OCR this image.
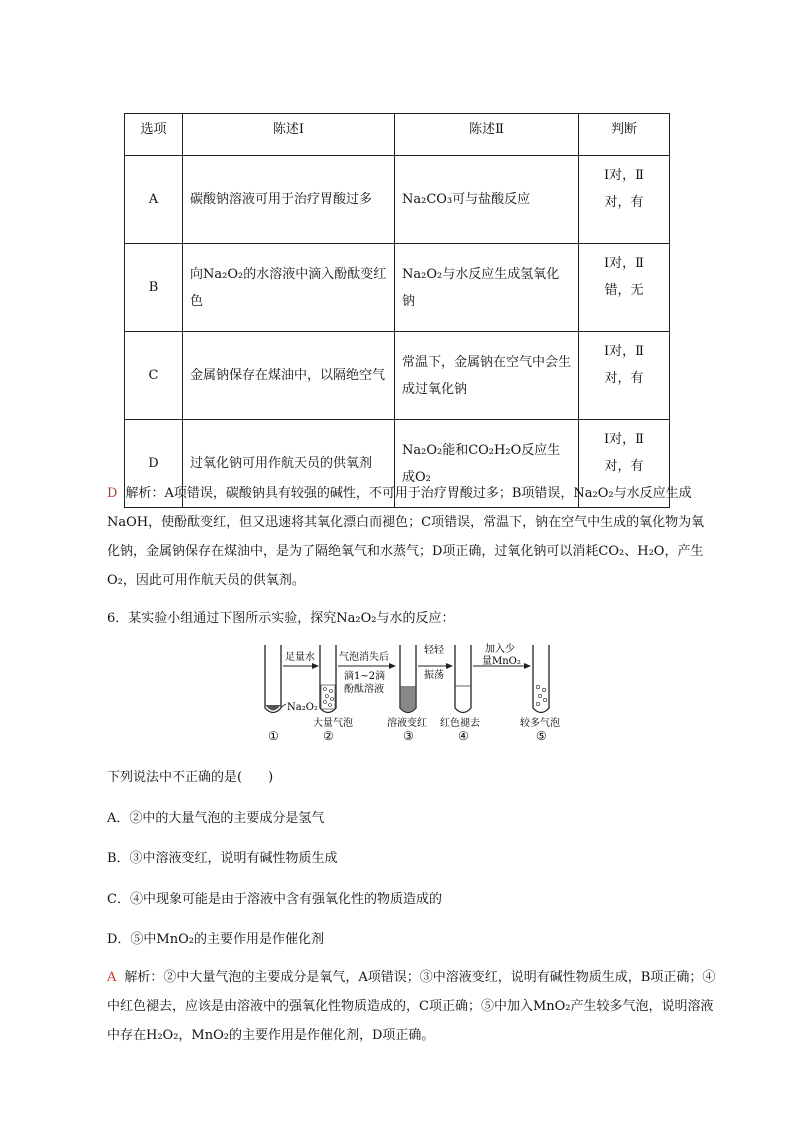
选项	陈述Ⅰ	陈述Ⅱ	判断
A	碳酸钠溶液可用于治疗胃酸过多	Na₂CO₃可与盐酸反应	Ⅰ对，Ⅱ
对，有

B	向Na₂O₂的水溶液中滴入酚酞变红色	Na₂O₂与水反应生成氢氧化钠	Ⅰ对，Ⅱ
错，无

C	金属钠保存在煤油中，以隔绝空气	常温下，金属钠在空气中会生成过氧化钠	Ⅰ对，Ⅱ
对，有

D	过氧化钠可用作航天员的供氧剂	Na₂O₂能和CO₂H₂O反应生成O₂	Ⅰ对，Ⅱ
对，有
D 解析：A项错误，碳酸钠具有较强的碱性，不可用于治疗胃酸过多；B项错误，Na₂O₂与水反应生成NaOH，使酚酞变红，但又迅速将其氧化漂白而褪色；C项错误，常温下，钠在空气中生成的氧化物为氧化钠，金属钠保存在煤油中，是为了隔绝氧气和水蒸气；D项正确，过氧化钠可以消耗CO₂、H₂O，产生O₂，因此可用作航天员的供氧剂。
6．某实验小组通过下图所示实验，探究Na₂O₂与水的反应：
Na₂O₂
①
足量水
大量气泡
②
气泡消失后
滴1~2滴
酚酞溶液
溶液变红
③
轻轻
振荡
红色褪去
④
加入少
量MnO₂
较多气泡
⑤
下列说法中不正确的是(　　)
A．②中的大量气泡的主要成分是氢气
B．③中溶液变红，说明有碱性物质生成
C．④中现象可能是由于溶液中含有强氧化性的物质造成的
D．⑤中MnO₂的主要作用是作催化剂
A 解析：②中大量气泡的主要成分是氧气，A项错误；③中溶液变红，说明有碱性物质生成，B项正确；④中红色褪去，应该是由溶液中的强氧化性物质造成的，C项正确；⑤中加入MnO₂产生较多气泡，说明溶液中存在H₂O₂，MnO₂的主要作用是作催化剂，D项正确。
